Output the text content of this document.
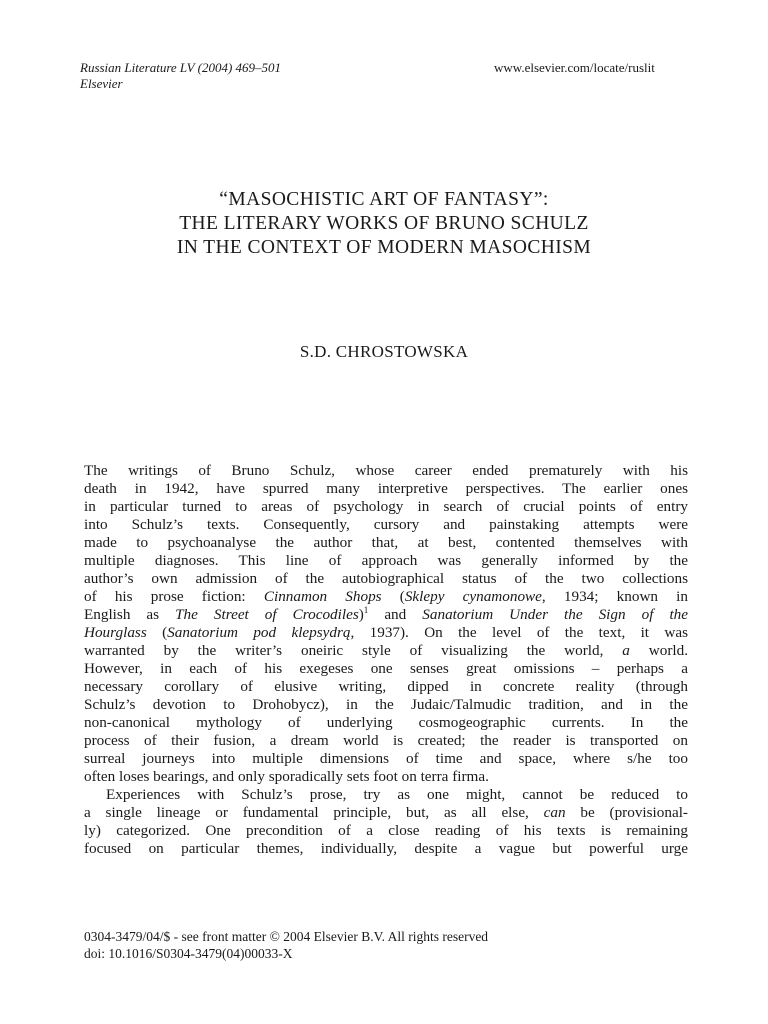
Russian Literature LV (2004) 469–501
Elsevier
www.elsevier.com/locate/ruslit
“MASOCHISTIC ART OF FANTASY”:
THE LITERARY WORKS OF BRUNO SCHULZ
IN THE CONTEXT OF MODERN MASOCHISM
S.D. CHROSTOWSKA
The writings of Bruno Schulz, whose career ended prematurely with his
death in 1942, have spurred many interpretive perspectives. The earlier ones
in particular turned to areas of psychology in search of crucial points of entry
into Schulz’s texts. Consequently, cursory and painstaking attempts were
made to psychoanalyse the author that, at best, contented themselves with
multiple diagnoses. This line of approach was generally informed by the
author’s own admission of the autobiographical status of the two collections
of his prose fiction: Cinnamon Shops (Sklepy cynamonowe, 1934; known in
English as The Street of Crocodiles)$^1$ and Sanatorium Under the Sign of the
Hourglass (Sanatorium pod klepsydrą, 1937). On the level of the text, it was
warranted by the writer’s oneiric style of visualizing the world, a world.
However, in each of his exegeses one senses great omissions – perhaps a
necessary corollary of elusive writing, dipped in concrete reality (through
Schulz’s devotion to Drohobycz), in the Judaic/Talmudic tradition, and in the
non-canonical mythology of underlying cosmogeographic currents. In the
process of their fusion, a dream world is created; the reader is transported on
surreal journeys into multiple dimensions of time and space, where s/he too
often loses bearings, and only sporadically sets foot on terra firma.
Experiences with Schulz’s prose, try as one might, cannot be reduced to
a single lineage or fundamental principle, but, as all else, can be (provisional-
ly) categorized. One precondition of a close reading of his texts is remaining
focused on particular themes, individually, despite a vague but powerful urge
0304-3479/04/$ - see front matter © 2004 Elsevier B.V. All rights reserved
doi: 10.1016/S0304-3479(04)00033-X
